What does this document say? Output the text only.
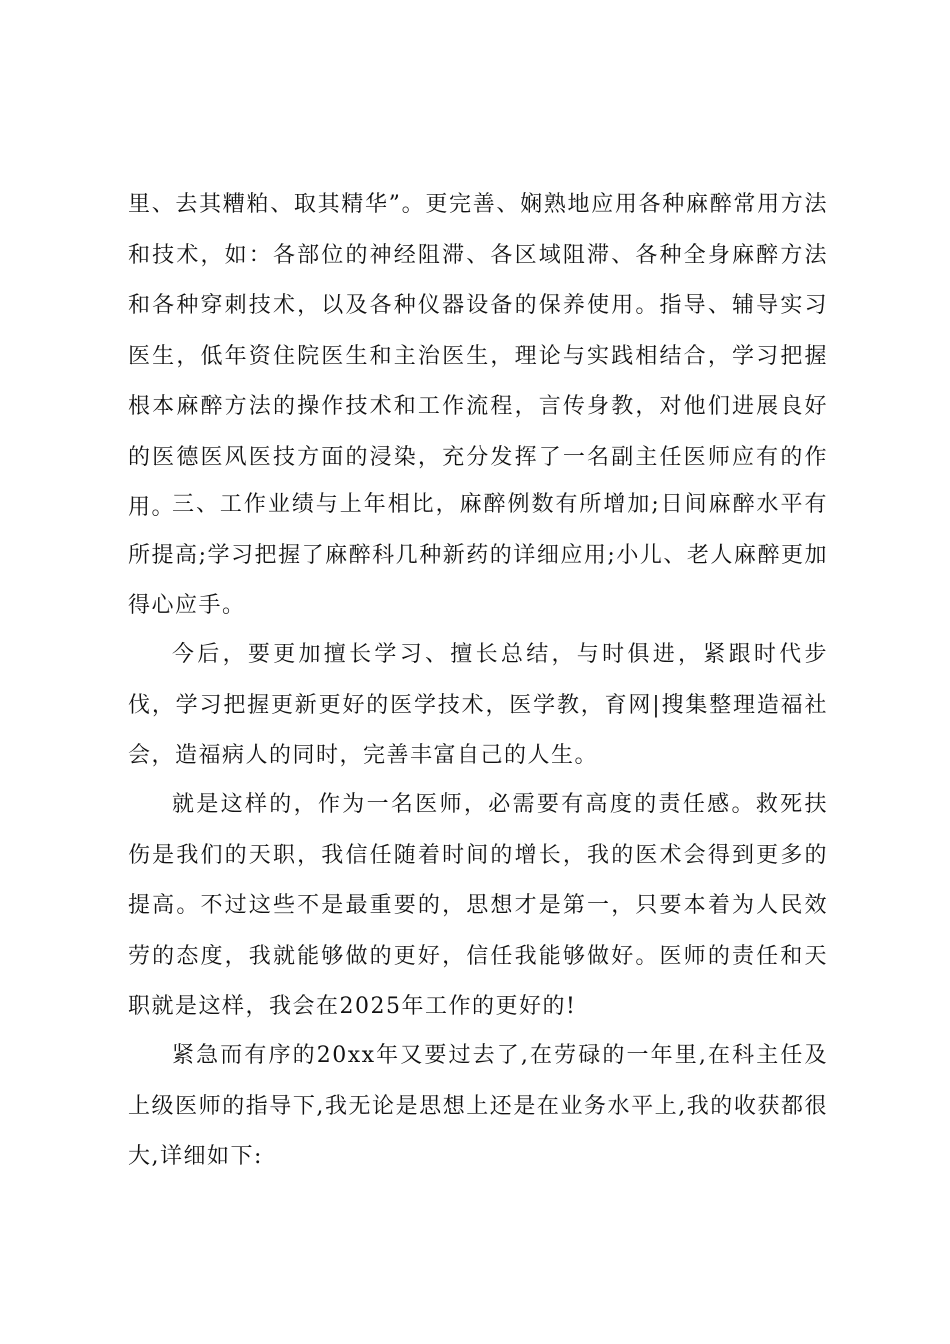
里、去其糟粕、取其精华”。更完善、娴熟地应用各种麻醉常用方法和技术，如：各部位的神经阻滞、各区域阻滞、各种全身麻醉方法和各种穿刺技术，以及各种仪器设备的保养使用。指导、辅导实习医生，低年资住院医生和主治医生，理论与实践相结合，学习把握根本麻醉方法的操作技术和工作流程，言传身教，对他们进展良好的医德医风医技方面的浸染，充分发挥了一名副主任医师应有的作用。

三、工作业绩与上年相比，麻醉例数有所增加;日间麻醉水平有所提高;学习把握了麻醉科几种新药的详细应用;小儿、老人麻醉更加得心应手。

今后，要更加擅长学习、擅长总结，与时俱进，紧跟时代步伐，学习把握更新更好的医学技术，医学教，育网|搜集整理造福社会，造福病人的同时，完善丰富自己的人生。

就是这样的，作为一名医师，必需要有高度的责任感。救死扶伤是我们的天职，我信任随着时间的增长，我的医术会得到更多的提高。不过这些不是最重要的，思想才是第一，只要本着为人民效劳的态度，我就能够做的更好，信任我能够做好。医师的责任和天职就是这样，我会在2025年工作的更好的!

紧急而有序的20xx年又要过去了,在劳碌的一年里,在科主任及上级医师的指导下,我无论是思想上还是在业务水平上,我的收获都很大,详细如下:
